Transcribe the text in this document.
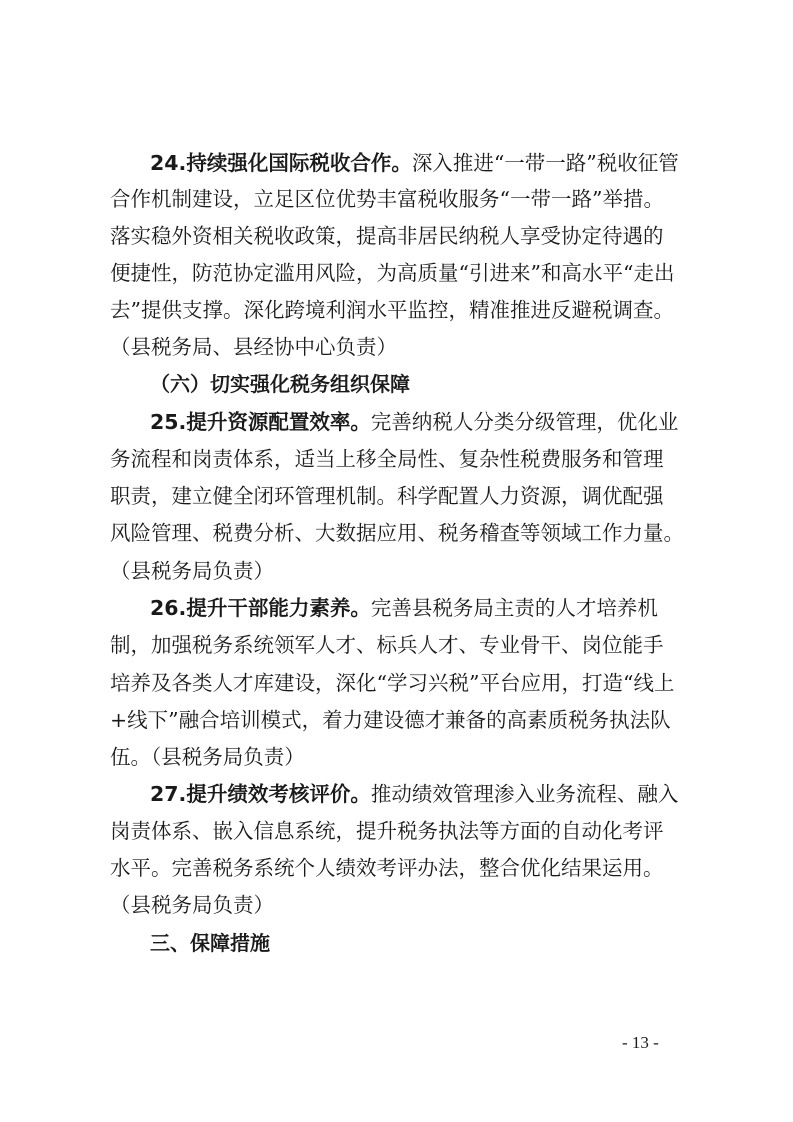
24.持续强化国际税收合作。深入推进“一带一路”税收征管
合作机制建设，立足区位优势丰富税收服务“一带一路”举措。
落实稳外资相关税收政策，提高非居民纳税人享受协定待遇的
便捷性，防范协定滥用风险，为高质量“引进来”和高水平“走出
去”提供支撑。深化跨境利润水平监控，精准推进反避税调查。
（县税务局、县经协中心负责）
（六）切实强化税务组织保障
25.提升资源配置效率。完善纳税人分类分级管理，优化业
务流程和岗责体系，适当上移全局性、复杂性税费服务和管理
职责，建立健全闭环管理机制。科学配置人力资源，调优配强
风险管理、税费分析、大数据应用、税务稽查等领域工作力量。
（县税务局负责）
26.提升干部能力素养。完善县税务局主责的人才培养机
制，加强税务系统领军人才、标兵人才、专业骨干、岗位能手
培养及各类人才库建设，深化“学习兴税”平台应用，打造“线上
+线下”融合培训模式，着力建设德才兼备的高素质税务执法队
伍。（县税务局负责）
27.提升绩效考核评价。推动绩效管理渗入业务流程、融入
岗责体系、嵌入信息系统，提升税务执法等方面的自动化考评
水平。完善税务系统个人绩效考评办法，整合优化结果运用。
（县税务局负责）
三、保障措施
- 13 -
